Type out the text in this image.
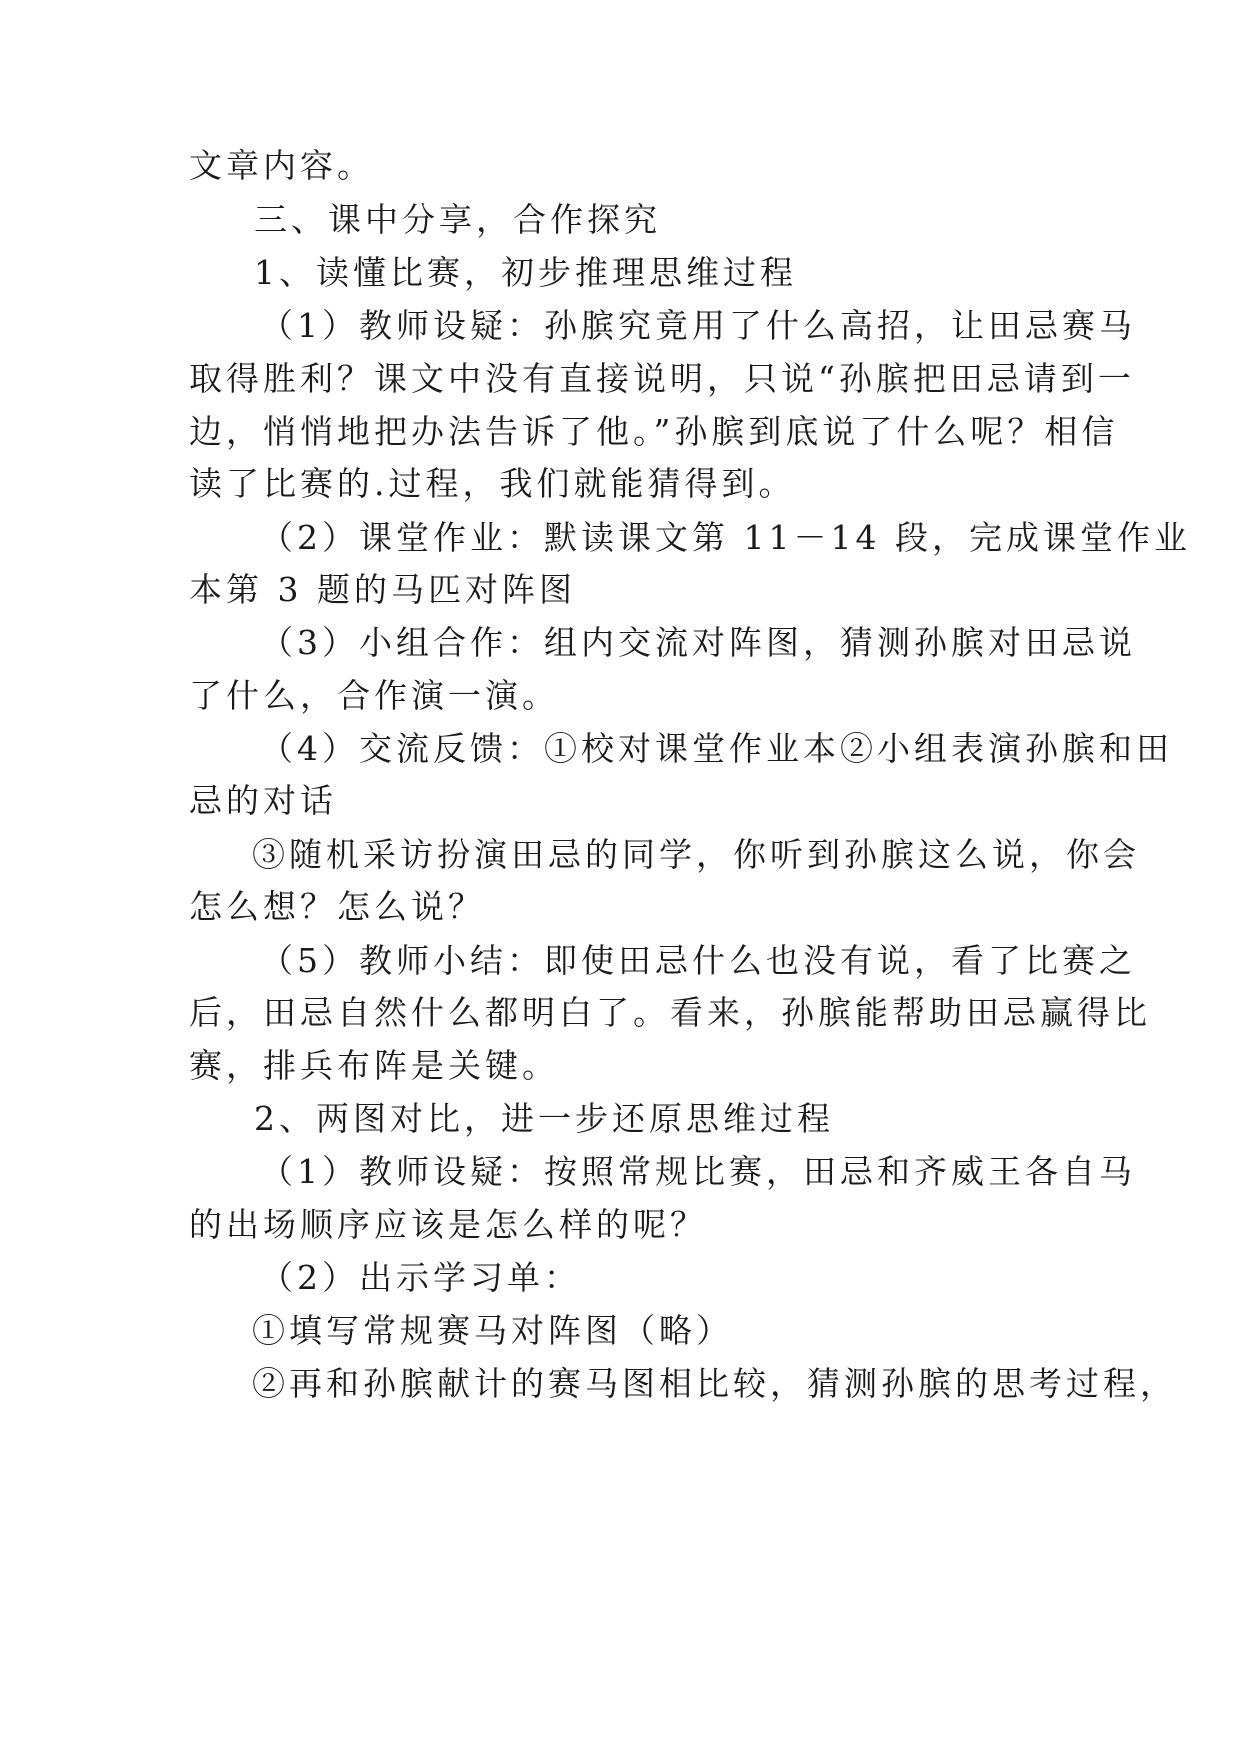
文章内容。
三、课中分享，合作探究
1、读懂比赛，初步推理思维过程
（1）教师设疑：孙膑究竟用了什么高招，让田忌赛马
取得胜利？课文中没有直接说明，只说“孙膑把田忌请到一
边，悄悄地把办法告诉了他。”孙膑到底说了什么呢？相信
读了比赛的.过程，我们就能猜得到。
（2）课堂作业：默读课文第 11－14 段，完成课堂作业
本第 3 题的马匹对阵图
（3）小组合作：组内交流对阵图，猜测孙膑对田忌说
了什么，合作演一演。
（4）交流反馈：①校对课堂作业本②小组表演孙膑和田
忌的对话
③随机采访扮演田忌的同学，你听到孙膑这么说，你会
怎么想？怎么说？
（5）教师小结：即使田忌什么也没有说，看了比赛之
后，田忌自然什么都明白了。看来，孙膑能帮助田忌赢得比
赛，排兵布阵是关键。
2、两图对比，进一步还原思维过程
（1）教师设疑：按照常规比赛，田忌和齐威王各自马
的出场顺序应该是怎么样的呢？
（2）出示学习单：
①填写常规赛马对阵图（略）
②再和孙膑献计的赛马图相比较，猜测孙膑的思考过程，
